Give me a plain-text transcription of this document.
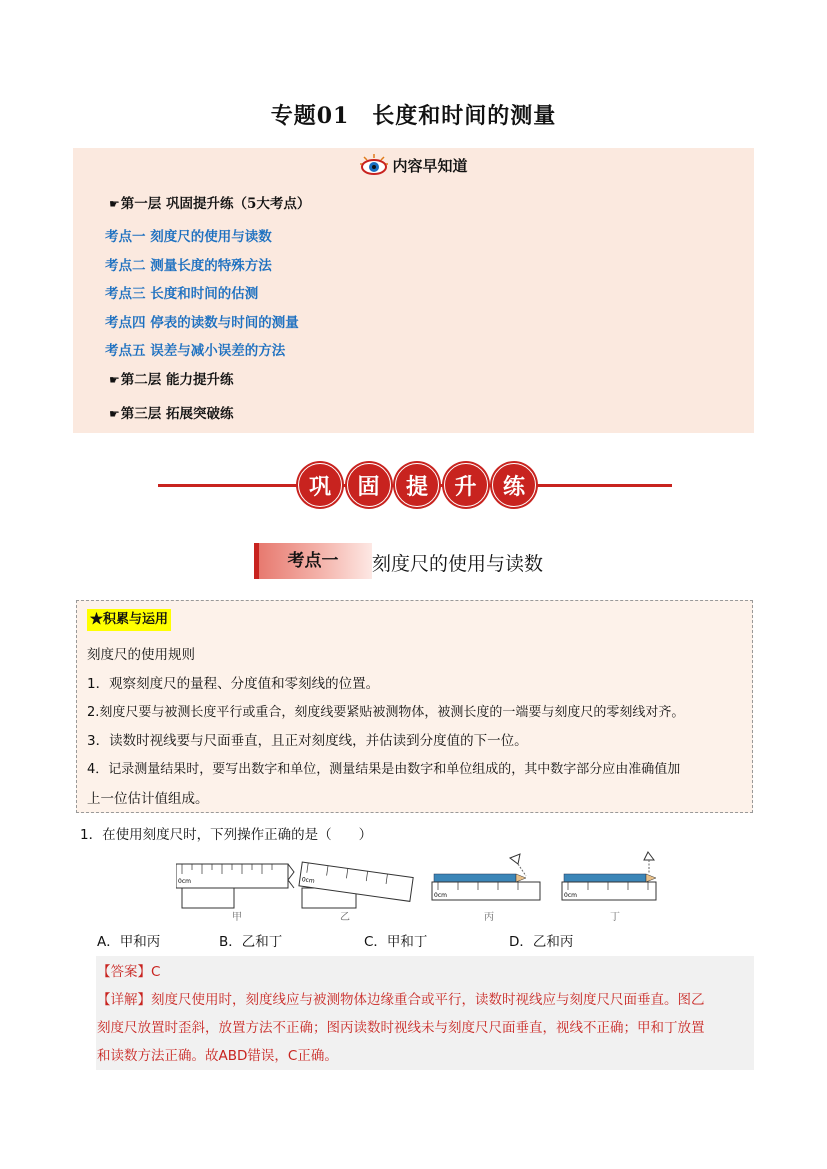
专题01　长度和时间的测量
内容早知道
☛第一层 巩固提升练（5大考点）
考点一 刻度尺的使用与读数
考点二 测量长度的特殊方法
考点三 长度和时间的估测
考点四 停表的读数与时间的测量
考点五 误差与减小误差的方法
☛第二层 能力提升练
☛第三层 拓展突破练
巩	固	提	升	练
考点一	刻度尺的使用与读数
★积累与运用
刻度尺的使用规则
1．观察刻度尺的量程、分度值和零刻线的位置。
2.刻度尺要与被测长度平行或重合，刻度线要紧贴被测物体，被测长度的一端要与刻度尺的零刻线对齐。
3．读数时视线要与尺面垂直，且正对刻度线，并估读到分度值的下一位。
4．记录测量结果时，要写出数字和单位，测量结果是由数字和单位组成的，其中数字部分应由准确值加
上一位估计值组成。
1．在使用刻度尺时，下列操作正确的是（　　）
0cm	0cm
0cm	0cm
甲	乙	丙	丁
A．甲和丙	B．乙和丁	C．甲和丁	D．乙和丙
【答案】C
【详解】刻度尺使用时，刻度线应与被测物体边缘重合或平行，读数时视线应与刻度尺尺面垂直。图乙
刻度尺放置时歪斜，放置方法不正确；图丙读数时视线未与刻度尺尺面垂直，视线不正确；甲和丁放置
和读数方法正确。故ABD错误，C正确。
